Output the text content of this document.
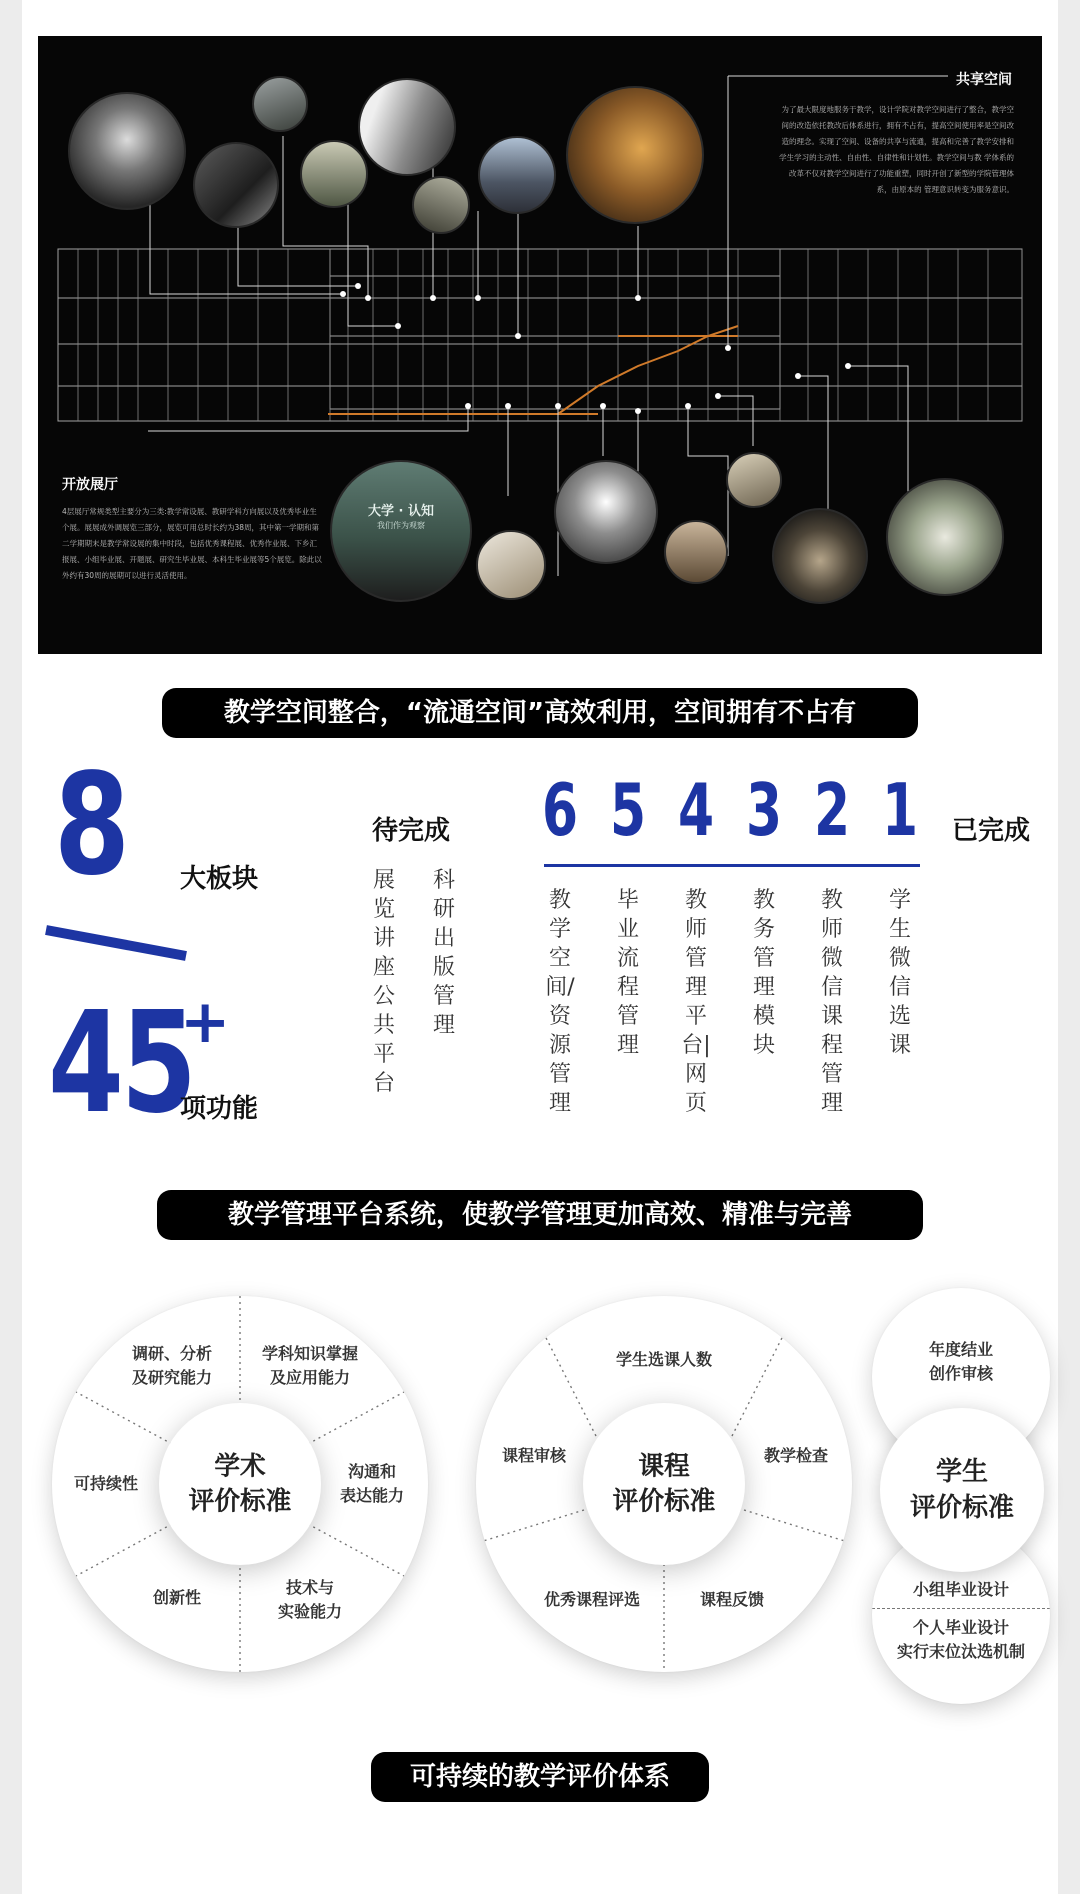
大学 · 认知
我们作为观察
共享空间
为了最大限度地服务于教学，设计学院对教学空间进行了整合，教学空间的改造依托教改后体系进行，拥有不占有，提高空间使用率是空间改造的理念。实现了空间、设备的共享与流通，提高和完善了教学安排和学生学习的主动性、自由性、自律性和计划性。教学空间与教 学体系的改革不仅对教学空间进行了功能重塑，同时开创了新型的学院管理体系，由原本的 管理意识转变为服务意识。
开放展厅
4层展厅常规类型主要分为三类:教学常设展、教研学科方向展以及优秀毕业生个展。展展成外调展览三部分，展览可用总时长约为38周，其中第一学期和第二学期期末是教学常设展的集中时段，包括优秀课程展、优秀作业展、下乡汇报展、小组毕业展、开题展、研究生毕业展、本科生毕业展等5个展览。除此以外约有30周的展期可以进行灵活使用。
教学空间整合，“流通空间”高效利用，空间拥有不占有
8 大板块
45
+
项功能
待完成
科研出版管理
展览讲座公共平台
6 5 4 3 2 1 已完成
教学空间/资源管理
毕业流程管理
教师管理平台|网页
教务管理模块
教师微信课程管理
学生微信选课
教学管理平台系统，使教学管理更加高效、精准与完善
调研、分析
及研究能力
学科知识掌握
及应用能力
沟通和
表达能力
技术与
实验能力
创新性
可持续性
学术
评价标准
学生选课人数
教学检查
课程反馈
优秀课程评选
课程审核	课程
评价标准
年度结业
创作审核
小组毕业设计
个人毕业设计
实行末位汰选机制
学生
评价标准
可持续的教学评价体系
